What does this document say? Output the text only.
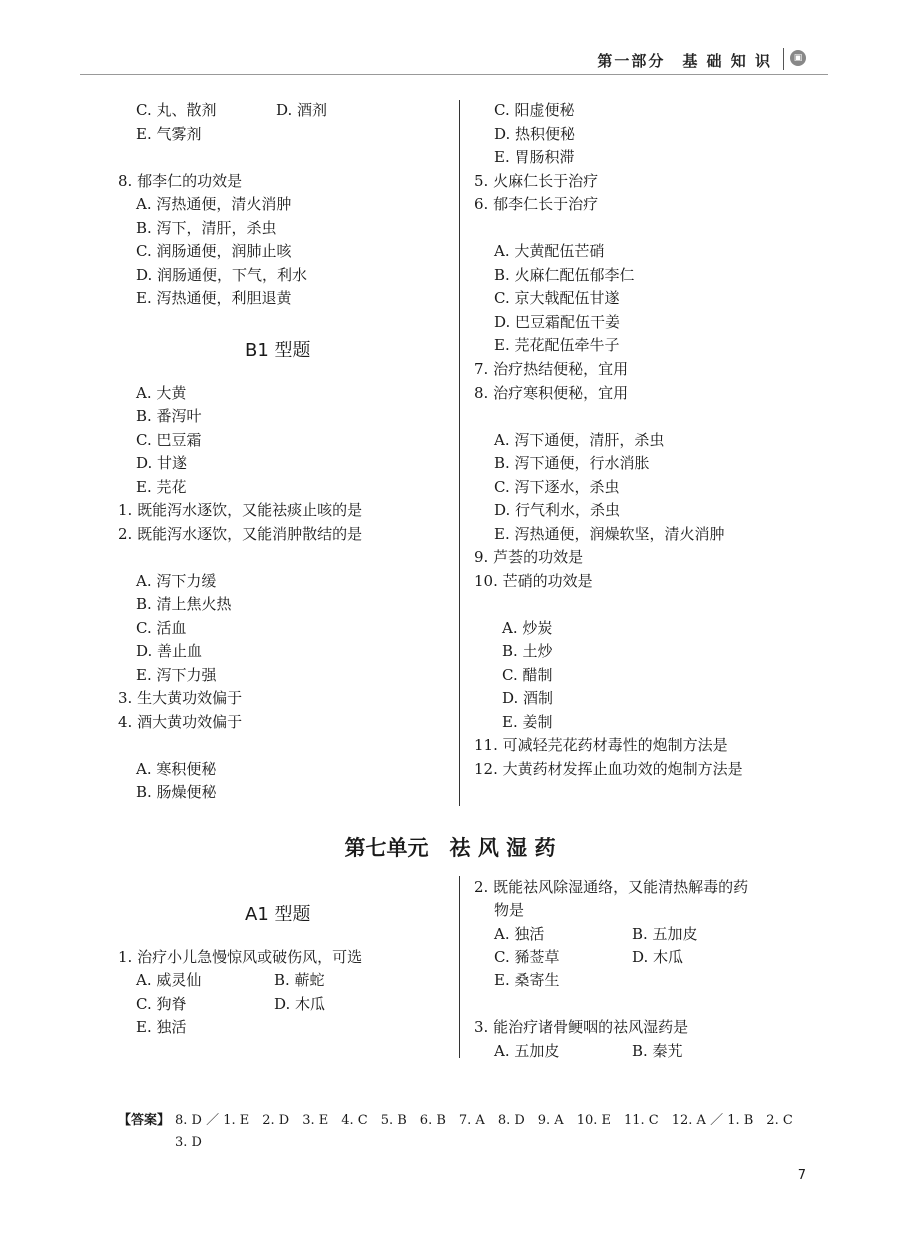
第一部分　基 础 知 识	▣
C. 丸、散剂	D. 酒剂
E. 气雾剂
8. 郁李仁的功效是
A. 泻热通便，清火消肿
B. 泻下，清肝，杀虫
C. 润肠通便，润肺止咳
D. 润肠通便，下气，利水
E. 泻热通便，利胆退黄
B1 型题
A. 大黄
B. 番泻叶
C. 巴豆霜
D. 甘遂
E. 芫花
1. 既能泻水逐饮，又能祛痰止咳的是
2. 既能泻水逐饮，又能消肿散结的是
A. 泻下力缓
B. 清上焦火热
C. 活血
D. 善止血
E. 泻下力强
3. 生大黄功效偏于
4. 酒大黄功效偏于
A. 寒积便秘
B. 肠燥便秘
C. 阳虚便秘
D. 热积便秘
E. 胃肠积滞
5. 火麻仁长于治疗
6. 郁李仁长于治疗
A. 大黄配伍芒硝
B. 火麻仁配伍郁李仁
C. 京大戟配伍甘遂
D. 巴豆霜配伍干姜
E. 芫花配伍牵牛子
7. 治疗热结便秘，宜用
8. 治疗寒积便秘，宜用
A. 泻下通便，清肝，杀虫
B. 泻下通便，行水消胀
C. 泻下逐水，杀虫
D. 行气利水，杀虫
E. 泻热通便，润燥软坚，清火消肿
9. 芦荟的功效是
10. 芒硝的功效是
A. 炒炭
B. 土炒
C. 醋制
D. 酒制
E. 姜制
11. 可减轻芫花药材毒性的炮制方法是
12. 大黄药材发挥止血功效的炮制方法是
第七单元　祛 风 湿 药
A1 型题
1. 治疗小儿急慢惊风或破伤风，可选
A. 威灵仙	B. 蕲蛇
C. 狗脊	D. 木瓜
E. 独活
2. 既能祛风除湿通络，又能清热解毒的药
物是
A. 独活	B. 五加皮
C. 豨莶草	D. 木瓜
E. 桑寄生
3. 能治疗诸骨鲠咽的祛风湿药是
A. 五加皮	B. 秦艽
【答案】 8. D ／ 1. E　2. D　3. E　4. C　5. B　6. B　7. A　8. D　9. A　10. E　11. C　12. A ／ 1. B　2. C
3. D
7
